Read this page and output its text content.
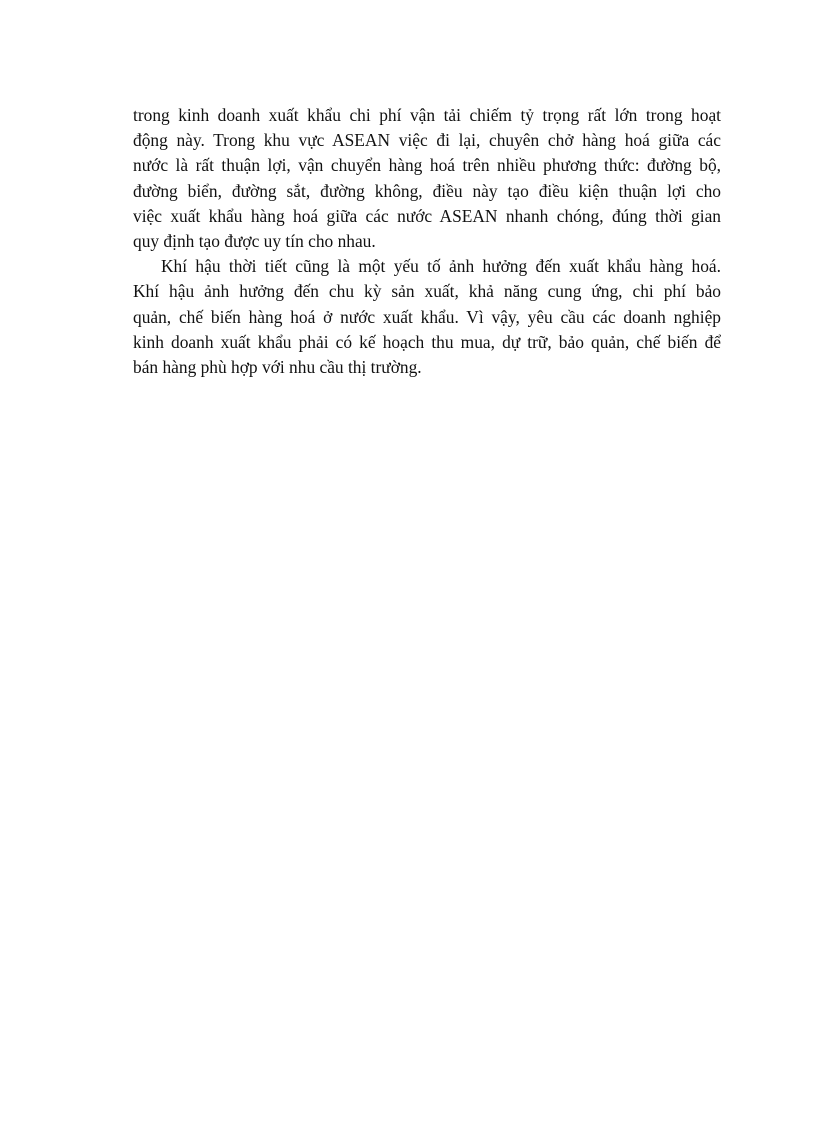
trong kinh doanh xuất khẩu chi phí vận tải chiếm tỷ trọng rất lớn trong hoạt
động này. Trong khu vực ASEAN việc đi lại, chuyên chở hàng hoá giữa các
nước là rất thuận lợi, vận chuyển hàng hoá trên nhiều phương thức: đường bộ,
đường biển, đường sắt, đường không, điều này tạo điều kiện thuận lợi cho
việc xuất khẩu hàng hoá giữa các nước ASEAN nhanh chóng, đúng thời gian
quy định tạo được uy tín cho nhau.
Khí hậu thời tiết cũng là một yếu tố ảnh hưởng đến xuất khẩu hàng hoá.
Khí hậu ảnh hưởng đến chu kỳ sản xuất, khả năng cung ứng, chi phí bảo
quản, chế biến hàng hoá ở nước xuất khẩu. Vì vậy, yêu cầu các doanh nghiệp
kinh doanh xuất khẩu phải có kế hoạch thu mua, dự trữ, bảo quản, chế biến để
bán hàng phù hợp với nhu cầu thị trường.
